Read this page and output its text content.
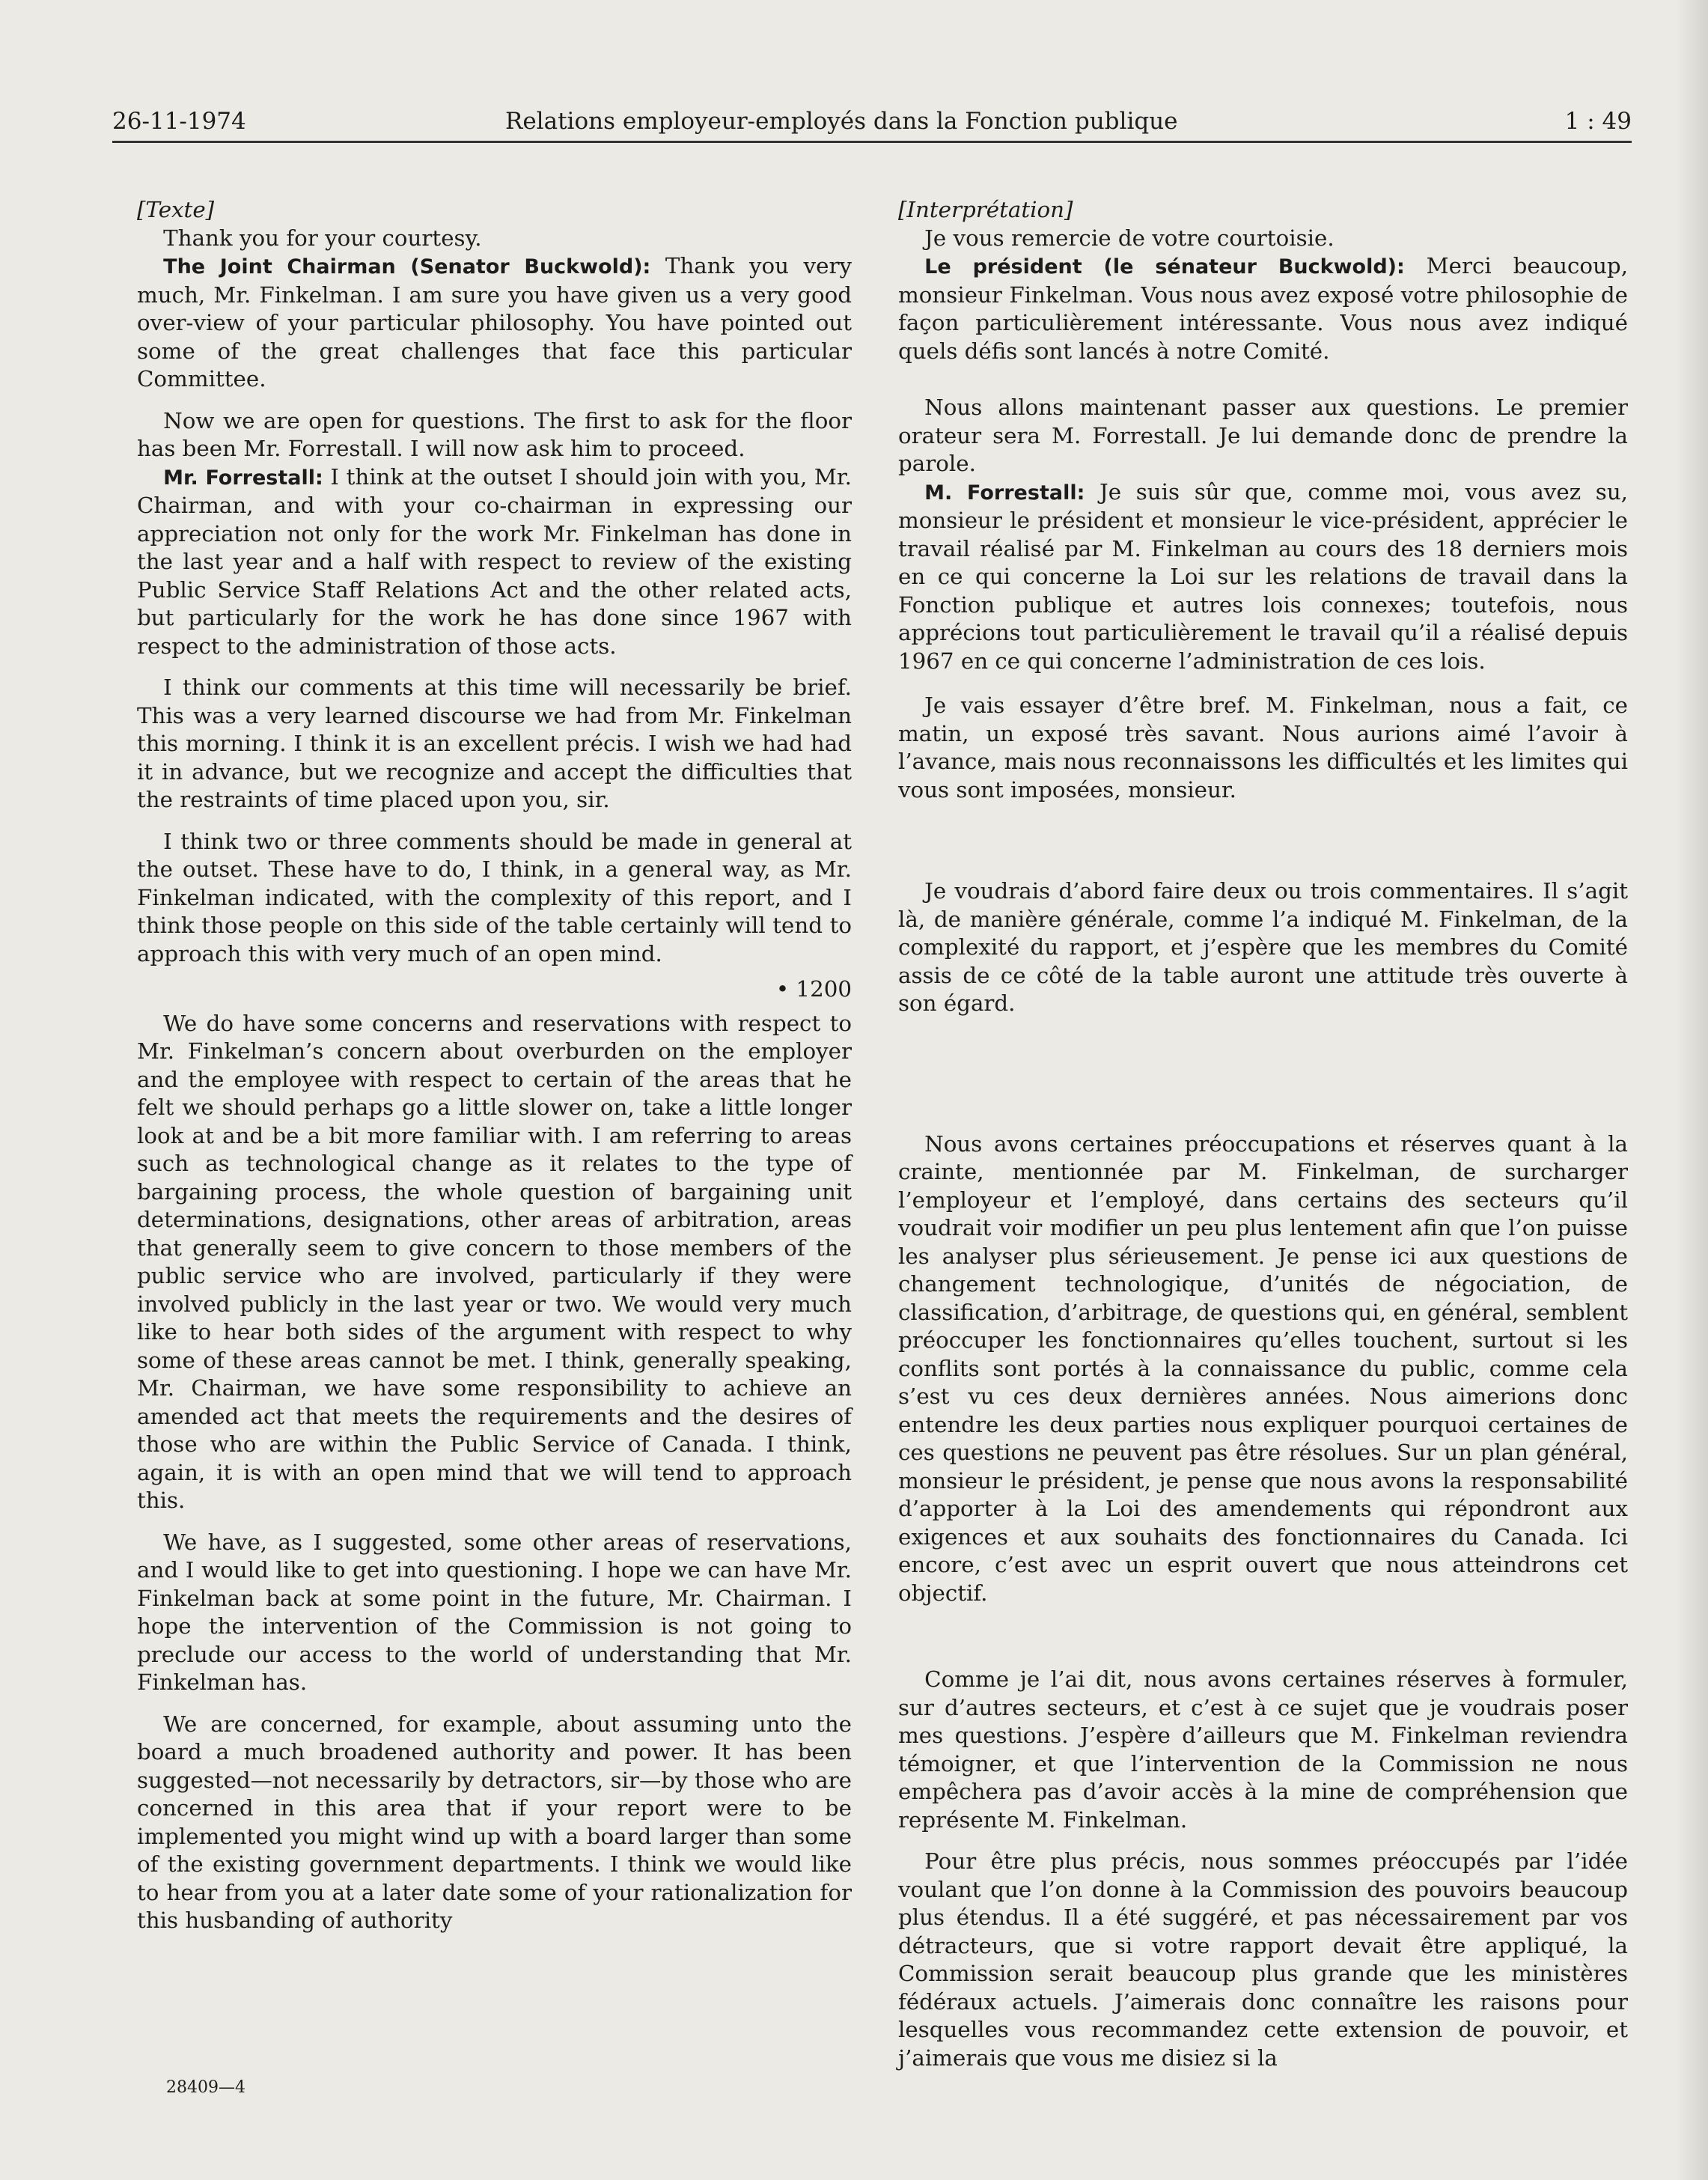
26-11-1974	Relations employeur-employés dans la Fonction publique	1 : 49

[Texte]

Thank you for your courtesy.

The Joint Chairman (Senator Buckwold): Thank you very much, Mr. Finkelman. I am sure you have given us a very good over-view of your particular philosophy. You have pointed out some of the great challenges that face this particular Committee.

Now we are open for questions. The first to ask for the floor has been Mr. Forrestall. I will now ask him to proceed.

Mr. Forrestall: I think at the outset I should join with you, Mr. Chairman, and with your co-chairman in expressing our appreciation not only for the work Mr. Finkelman has done in the last year and a half with respect to review of the existing Public Service Staff Relations Act and the other related acts, but particularly for the work he has done since 1967 with respect to the administration of those acts.

I think our comments at this time will necessarily be brief. This was a very learned discourse we had from Mr. Finkelman this morning. I think it is an excellent précis. I wish we had had it in advance, but we recognize and accept the difficulties that the restraints of time placed upon you, sir.

I think two or three comments should be made in general at the outset. These have to do, I think, in a general way, as Mr. Finkelman indicated, with the complexity of this report, and I think those people on this side of the table certainly will tend to approach this with very much of an open mind.

• 1200

We do have some concerns and reservations with respect to Mr. Finkelman’s concern about overburden on the employer and the employee with respect to certain of the areas that he felt we should perhaps go a little slower on, take a little longer look at and be a bit more familiar with. I am referring to areas such as technological change as it relates to the type of bargaining process, the whole question of bargaining unit determinations, designations, other areas of arbitration, areas that generally seem to give concern to those members of the public service who are involved, particularly if they were involved publicly in the last year or two. We would very much like to hear both sides of the argument with respect to why some of these areas cannot be met. I think, generally speaking, Mr. Chairman, we have some responsibility to achieve an amended act that meets the requirements and the desires of those who are within the Public Service of Canada. I think, again, it is with an open mind that we will tend to approach this.

We have, as I suggested, some other areas of reservations, and I would like to get into questioning. I hope we can have Mr. Finkelman back at some point in the future, Mr. Chairman. I hope the intervention of the Commission is not going to preclude our access to the world of understanding that Mr. Finkelman has.

We are concerned, for example, about assuming unto the board a much broadened authority and power. It has been suggested—not necessarily by detractors, sir—by those who are concerned in this area that if your report were to be implemented you might wind up with a board larger than some of the existing government departments. I think we would like to hear from you at a later date some of your rationalization for this husbanding of authority

[Interprétation]

Je vous remercie de votre courtoisie.

Le président (le sénateur Buckwold): Merci beaucoup, monsieur Finkelman. Vous nous avez exposé votre philosophie de façon particulièrement intéressante. Vous nous avez indiqué quels défis sont lancés à notre Comité.

Nous allons maintenant passer aux questions. Le premier orateur sera M. Forrestall. Je lui demande donc de prendre la parole.

M. Forrestall: Je suis sûr que, comme moi, vous avez su, monsieur le président et monsieur le vice-président, apprécier le travail réalisé par M. Finkelman au cours des 18 derniers mois en ce qui concerne la Loi sur les relations de travail dans la Fonction publique et autres lois connexes; toutefois, nous apprécions tout particulièrement le travail qu’il a réalisé depuis 1967 en ce qui concerne l’administration de ces lois.

Je vais essayer d’être bref. M. Finkelman, nous a fait, ce matin, un exposé très savant. Nous aurions aimé l’avoir à l’avance, mais nous reconnaissons les difficultés et les limites qui vous sont imposées, monsieur.

Je voudrais d’abord faire deux ou trois commentaires. Il s’agit là, de manière générale, comme l’a indiqué M. Finkelman, de la complexité du rapport, et j’espère que les membres du Comité assis de ce côté de la table auront une attitude très ouverte à son égard.

Nous avons certaines préoccupations et réserves quant à la crainte, mentionnée par M. Finkelman, de surcharger l’employeur et l’employé, dans certains des secteurs qu’il voudrait voir modifier un peu plus lentement afin que l’on puisse les analyser plus sérieusement. Je pense ici aux questions de changement technologique, d’unités de négociation, de classification, d’arbitrage, de questions qui, en général, semblent préoccuper les fonctionnaires qu’elles touchent, surtout si les conflits sont portés à la connaissance du public, comme cela s’est vu ces deux dernières années. Nous aimerions donc entendre les deux parties nous expliquer pourquoi certaines de ces questions ne peuvent pas être résolues. Sur un plan général, monsieur le président, je pense que nous avons la responsabilité d’apporter à la Loi des amendements qui répondront aux exigences et aux souhaits des fonctionnaires du Canada. Ici encore, c’est avec un esprit ouvert que nous atteindrons cet objectif.

Comme je l’ai dit, nous avons certaines réserves à formuler, sur d’autres secteurs, et c’est à ce sujet que je voudrais poser mes questions. J’espère d’ailleurs que M. Finkelman reviendra témoigner, et que l’intervention de la Commission ne nous empêchera pas d’avoir accès à la mine de compréhension que représente M. Finkelman.

Pour être plus précis, nous sommes préoccupés par l’idée voulant que l’on donne à la Commission des pouvoirs beaucoup plus étendus. Il a été suggéré, et pas nécessairement par vos détracteurs, que si votre rapport devait être appliqué, la Commission serait beaucoup plus grande que les ministères fédéraux actuels. J’aimerais donc connaître les raisons pour lesquelles vous recommandez cette extension de pouvoir, et j’aimerais que vous me disiez si la

28409—4
